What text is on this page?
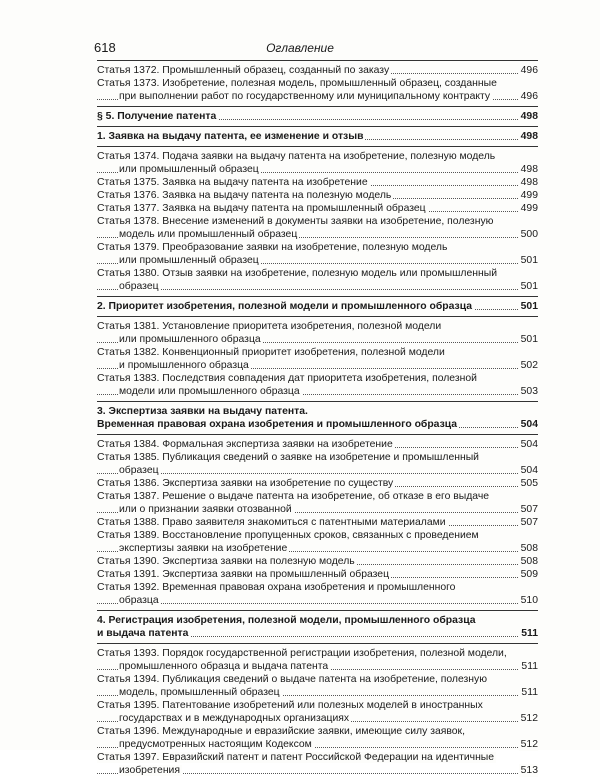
618	Оглавление
Статья 1372. Промышленный образец, созданный по заказу	496
Статья 1373. Изобретение, полезная модель, промышленный образец, созданные
при выполнении работ по государственному или муниципальному контракту	496
§ 5. Получение патента	498
1. Заявка на выдачу патента, ее изменение и отзыв	498
Статья 1374. Подача заявки на выдачу патента на изобретение, полезную модель
или промышленный образец	498
Статья 1375. Заявка на выдачу патента на изобретение	498
Статья 1376. Заявка на выдачу патента на полезную модель	499
Статья 1377. Заявка на выдачу патента на промышленный образец	499
Статья 1378. Внесение изменений в документы заявки на изобретение, полезную
модель или промышленный образец	500
Статья 1379. Преобразование заявки на изобретение, полезную модель
или промышленный образец	501
Статья 1380. Отзыв заявки на изобретение, полезную модель или промышленный
образец	501
2. Приоритет изобретения, полезной модели и промышленного образца	501
Статья 1381. Установление приоритета изобретения, полезной модели
или промышленного образца	501
Статья 1382. Конвенционный приоритет изобретения, полезной модели
и промышленного образца	502
Статья 1383. Последствия совпадения дат приоритета изобретения, полезной
модели или промышленного образца	503
3. Экспертиза заявки на выдачу патента.
Временная правовая охрана изобретения и промышленного образца	504
Статья 1384. Формальная экспертиза заявки на изобретение	504
Статья 1385. Публикация сведений о заявке на изобретение и промышленный
образец	504
Статья 1386. Экспертиза заявки на изобретение по существу	505
Статья 1387. Решение о выдаче патента на изобретение, об отказе в его выдаче
или о признании заявки отозванной	507
Статья 1388. Право заявителя знакомиться с патентными материалами	507
Статья 1389. Восстановление пропущенных сроков, связанных с проведением
экспертизы заявки на изобретение	508
Статья 1390. Экспертиза заявки на полезную модель	508
Статья 1391. Экспертиза заявки на промышленный образец	509
Статья 1392. Временная правовая охрана изобретения и промышленного
образца	510
4. Регистрация изобретения, полезной модели, промышленного образца
и выдача патента	511
Статья 1393. Порядок государственной регистрации изобретения, полезной модели,
промышленного образца и выдача патента	511
Статья 1394. Публикация сведений о выдаче патента на изобретение, полезную
модель, промышленный образец	511
Статья 1395. Патентование изобретений или полезных моделей в иностранных
государствах и в международных организациях	512
Статья 1396. Международные и евразийские заявки, имеющие силу заявок,
предусмотренных настоящим Кодексом	512
Статья 1397. Евразийский патент и патент Российской Федерации на идентичные
изобретения	513
